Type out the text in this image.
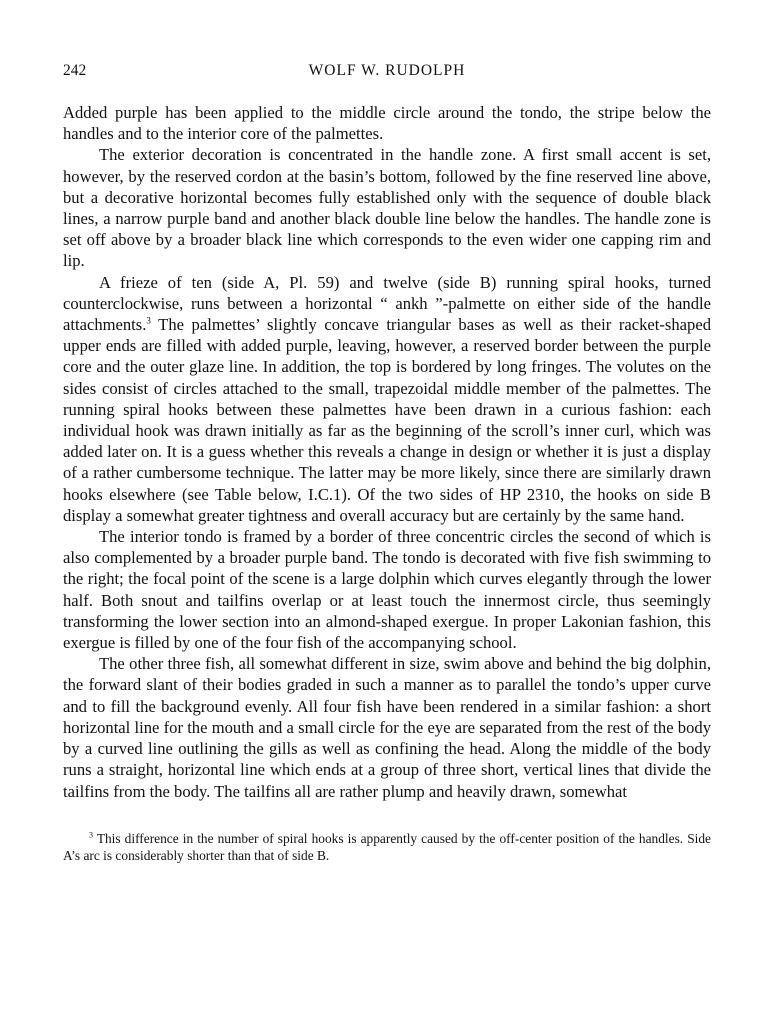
242	WOLF W. RUDOLPH

Added purple has been applied to the middle circle around the tondo, the stripe below the handles and to the interior core of the palmettes.

The exterior decoration is concentrated in the handle zone. A first small accent is set, however, by the reserved cordon at the basin’s bottom, followed by the fine reserved line above, but a decorative horizontal becomes fully established only with the sequence of double black lines, a narrow purple band and another black double line below the handles. The handle zone is set off above by a broader black line which corresponds to the even wider one capping rim and lip.

A frieze of ten (side A, Pl. 59) and twelve (side B) running spiral hooks, turned counterclockwise, runs between a horizontal “ ankh ”-palmette on either side of the handle attachments.$^3$ The palmettes’ slightly concave triangular bases as well as their racket-shaped upper ends are filled with added purple, leaving, however, a reserved border between the purple core and the outer glaze line. In addition, the top is bordered by long fringes. The volutes on the sides consist of circles attached to the small, trapezoidal middle member of the palmettes. The running spiral hooks between these palmettes have been drawn in a curious fashion: each individual hook was drawn initially as far as the beginning of the scroll’s inner curl, which was added later on. It is a guess whether this reveals a change in design or whether it is just a display of a rather cumbersome technique. The latter may be more likely, since there are similarly drawn hooks elsewhere (see Table below, I.C.1). Of the two sides of HP 2310, the hooks on side B display a somewhat greater tightness and overall accuracy but are certainly by the same hand.

The interior tondo is framed by a border of three concentric circles the second of which is also complemented by a broader purple band. The tondo is decorated with five fish swimming to the right; the focal point of the scene is a large dolphin which curves elegantly through the lower half. Both snout and tailfins overlap or at least touch the innermost circle, thus seemingly transforming the lower section into an almond-shaped exergue. In proper Lakonian fashion, this exergue is filled by one of the four fish of the accompanying school.

The other three fish, all somewhat different in size, swim above and behind the big dolphin, the forward slant of their bodies graded in such a manner as to parallel the tondo’s upper curve and to fill the background evenly. All four fish have been rendered in a similar fashion: a short horizontal line for the mouth and a small circle for the eye are separated from the rest of the body by a curved line outlining the gills as well as confining the head. Along the middle of the body runs a straight, horizontal line which ends at a group of three short, vertical lines that divide the tailfins from the body. The tailfins all are rather plump and heavily drawn, somewhat

$^3$ This difference in the number of spiral hooks is apparently caused by the off-center position of the handles. Side A’s arc is considerably shorter than that of side B.
